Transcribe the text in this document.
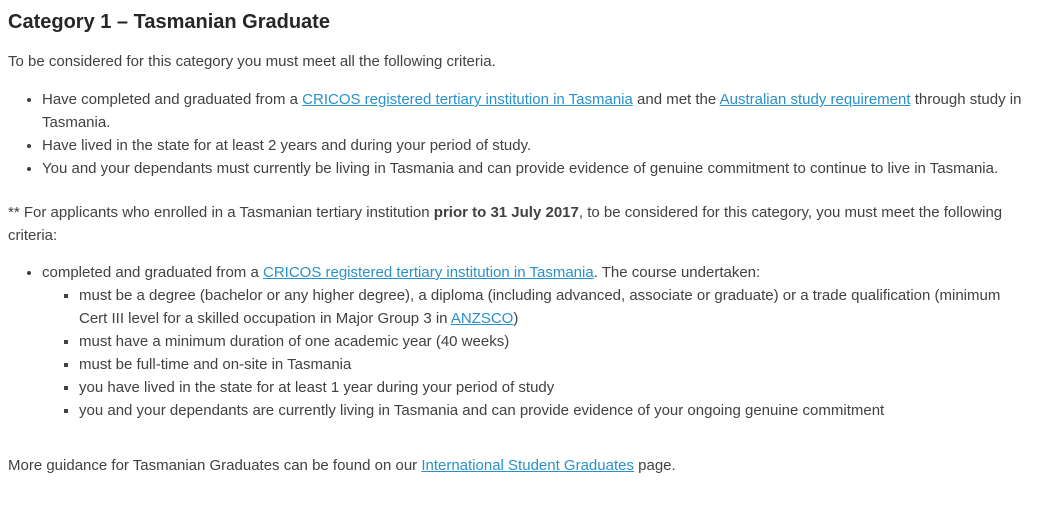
Category 1 – Tasmanian Graduate

To be considered for this category you must meet all the following criteria.

• Have completed and graduated from a CRICOS registered tertiary institution in Tasmania and met the Australian study requirement through study in Tasmania.
• Have lived in the state for at least 2 years and during your period of study.
• You and your dependants must currently be living in Tasmania and can provide evidence of genuine commitment to continue to live in Tasmania.

** For applicants who enrolled in a Tasmanian tertiary institution prior to 31 July 2017, to be considered for this category, you must meet the following criteria:

• completed and graduated from a CRICOS registered tertiary institution in Tasmania. The course undertaken:
▪ must be a degree (bachelor or any higher degree), a diploma (including advanced, associate or graduate) or a trade qualification (minimum Cert III level for a skilled occupation in Major Group 3 in ANZSCO)
▪ must have a minimum duration of one academic year (40 weeks)
▪ must be full-time and on-site in Tasmania
▪ you have lived in the state for at least 1 year during your period of study
▪ you and your dependants are currently living in Tasmania and can provide evidence of your ongoing genuine commitment

More guidance for Tasmanian Graduates can be found on our International Student Graduates page.
